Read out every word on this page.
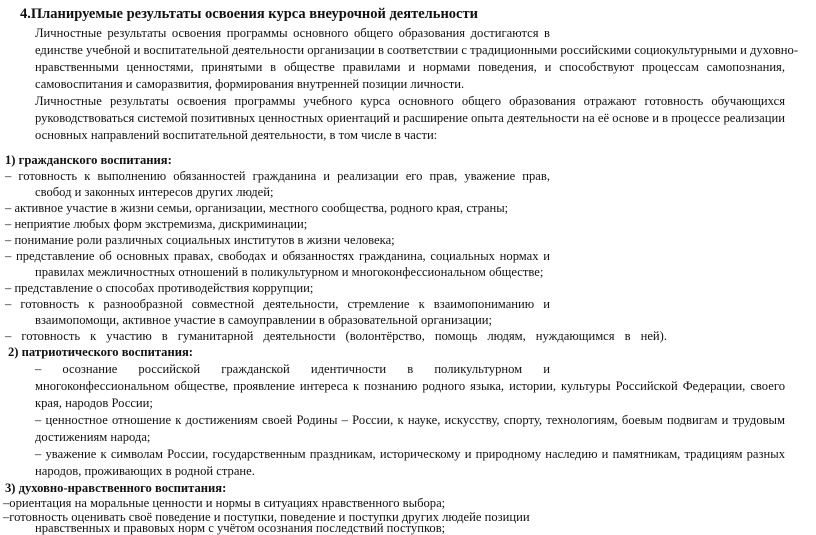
4.Планируемые результаты освоения курса внеурочной деятельности
Личностные результаты освоения программы основного общего образования достигаются в
единстве учебной и воспитательной деятельности организации в соответствии с традиционными российскими социокультурными и духовно-
нравственными ценностями, принятыми в обществе правилами и нормами поведения, и способствуют процессам самопознания,
самовоспитания и саморазвития, формирования внутренней позиции личности.
Личностные результаты освоения программы учебного курса основного общего образования отражают готовность обучающихся
руководствоваться системой позитивных ценностных ориентаций и расширение опыта деятельности на её основе и в процессе реализации
основных направлений воспитательной деятельности, в том числе в части:
1) гражданского воспитания:
– готовность к выполнению обязанностей гражданина и реализации его прав, уважение прав,
свобод и законных интересов других людей;
– активное участие в жизни семьи, организации, местного сообщества, родного края, страны;
– неприятие любых форм экстремизма, дискриминации;
– понимание роли различных социальных институтов в жизни человека;
– представление об основных правах, свободах и обязанностях гражданина, социальных нормах и
правилах межличностных отношений в поликультурном и многоконфессиональном обществе;
– представление о способах противодействия коррупции;
– готовность к разнообразной совместной деятельности, стремление к взаимопониманию и
взаимопомощи, активное участие в самоуправлении в образовательной организации;
– готовность к участию в гуманитарной деятельности (волонтёрство, помощь людям, нуждающимся в ней).
2) патриотического воспитания:
– осознание российской гражданской идентичности в поликультурном и
многоконфессиональном обществе, проявление интереса к познанию родного языка, истории, культуры Российской Федерации, своего
края, народов России;
– ценностное отношение к достижениям своей Родины – России, к науке, искусству, спорту, технологиям, боевым подвигам и трудовым
достижениям народа;
– уважение к символам России, государственным праздникам, историческому и природному наследию и памятникам, традициям разных
народов, проживающих в родной стране.
3) духовно-нравственного воспитания:
–ориентация на моральные ценности и нормы в ситуациях нравственного выбора;
–готовность оценивать своё поведение и поступки, поведение и поступки других людейе позиции
нравственных и правовых норм с учётом осознания последствий поступков;
